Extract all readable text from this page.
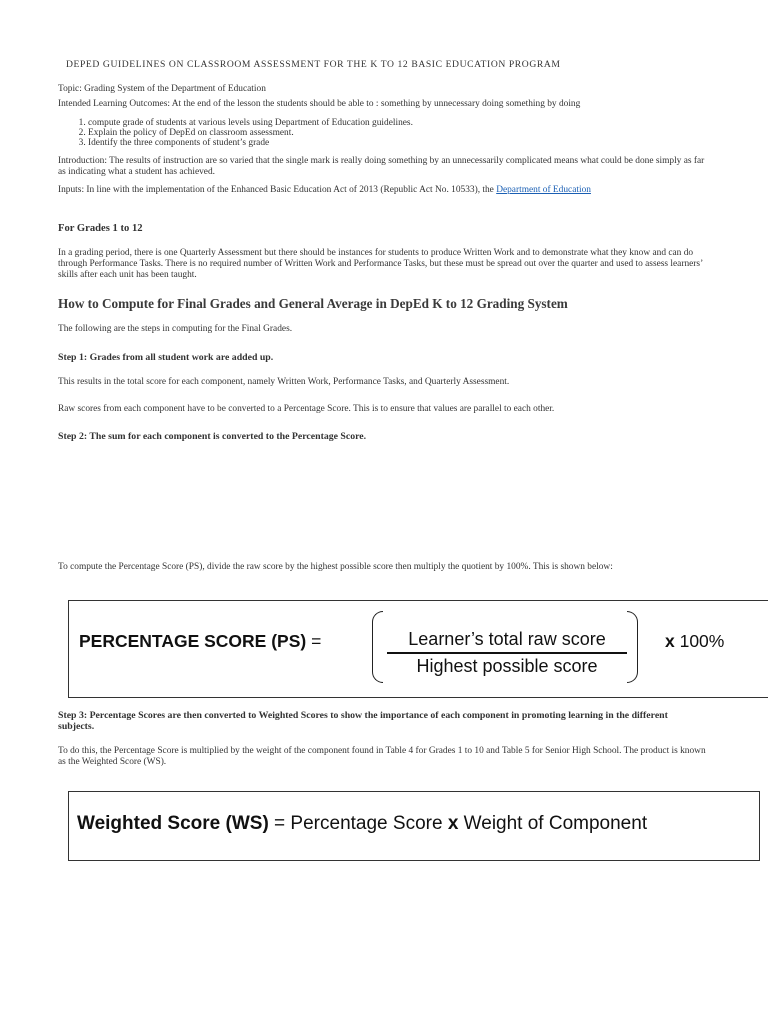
DEPED GUIDELINES ON CLASSROOM ASSESSMENT FOR THE K TO 12 BASIC EDUCATION PROGRAM
Topic: Grading System of the Department of Education
Intended Learning Outcomes: At the end of the lesson the students should be able to : something by unnecessary doing something by doing
1. compute grade of students at various levels using Department of Education guidelines.
2. Explain the policy of DepEd on classroom assessment.
3. Identify the three components of student’s grade
Introduction: The results of instruction are so varied that the single mark is really doing something by an unnecessarily complicated means what could be done simply as far as indicating what a student has achieved.
Inputs: In line with the implementation of the Enhanced Basic Education Act of 2013 (Republic Act No. 10533), the Department of Education
For Grades 1 to 12
In a grading period, there is one Quarterly Assessment but there should be instances for students to produce Written Work and to demonstrate what they know and can do through Performance Tasks. There is no required number of Written Work and Performance Tasks, but these must be spread out over the quarter and used to assess learners’ skills after each unit has been taught.
How to Compute for Final Grades and General Average in DepEd K to 12 Grading System
The following are the steps in computing for the Final Grades.
Step 1: Grades from all student work are added up.
This results in the total score for each component, namely Written Work, Performance Tasks, and Quarterly Assessment.
Raw scores from each component have to be converted to a Percentage Score. This is to ensure that values are parallel to each other.
Step 2: The sum for each component is converted to the Percentage Score.
To compute the Percentage Score (PS), divide the raw score by the highest possible score then multiply the quotient by 100%. This is shown below:
PERCENTAGE SCORE (PS) =	Learner’s total raw score
Highest possible score
x 100%
Step 3: Percentage Scores are then converted to Weighted Scores to show the importance of each component in promoting learning in the different subjects.
To do this, the Percentage Score is multiplied by the weight of the component found in Table 4 for Grades 1 to 10 and Table 5 for Senior High School. The product is known as the Weighted Score (WS).
Weighted Score (WS) = Percentage Score x Weight of Component
